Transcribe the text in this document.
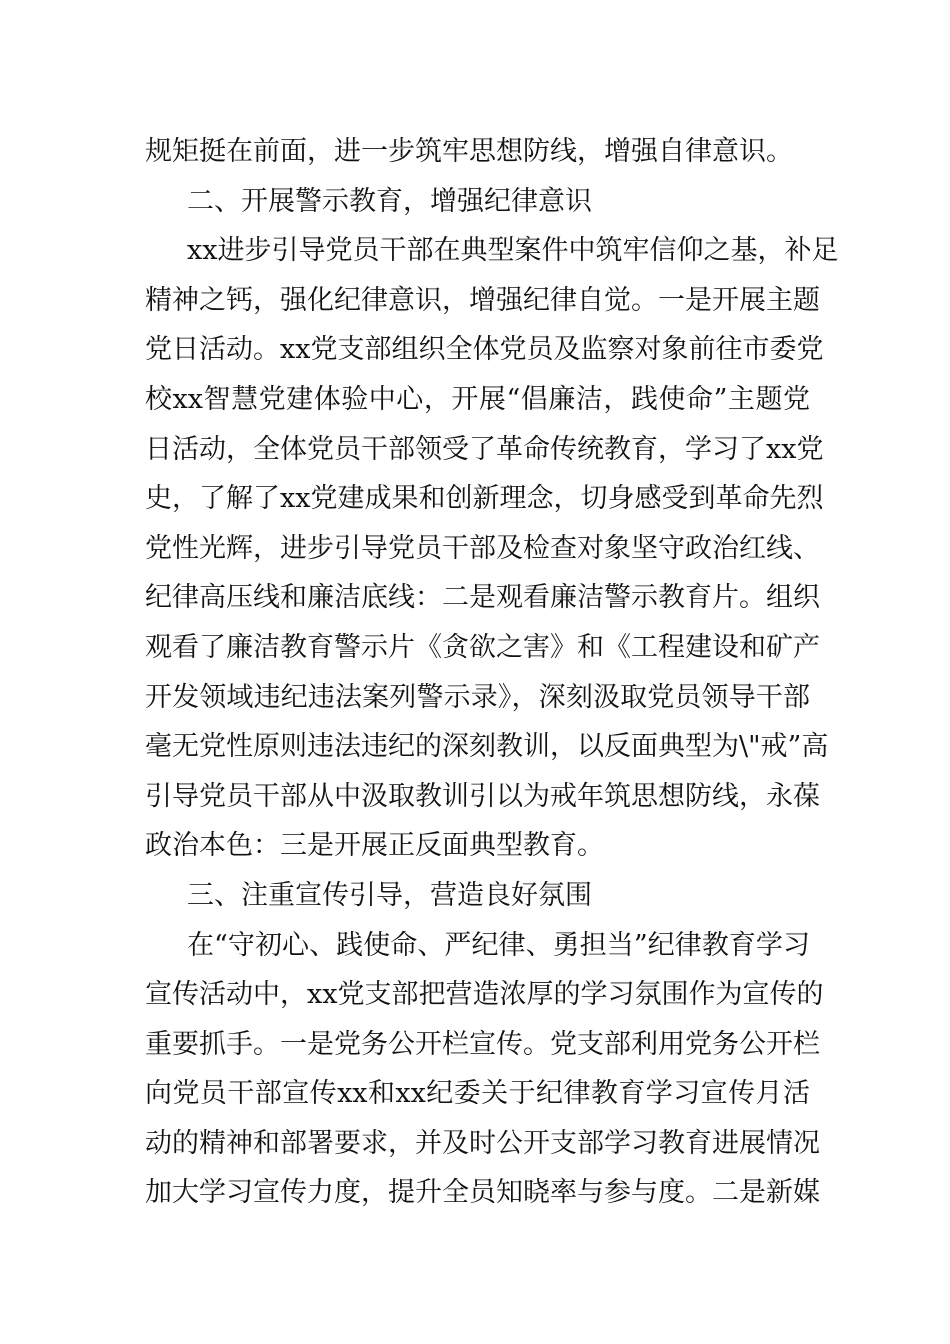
规矩挺在前面，进一步筑牢思想防线，增强自律意识。
二、开展警示教育，增强纪律意识
xx进步引导党员干部在典型案件中筑牢信仰之基，补足
精神之钙，强化纪律意识，增强纪律自觉。一是开展主题
党日活动。xx党支部组织全体党员及监察对象前往市委党
校xx智慧党建体验中心，开展“倡廉洁，践使命”主题党
日活动，全体党员干部领受了革命传统教育，学习了xx党
史，了解了xx党建成果和创新理念，切身感受到革命先烈
党性光辉，进步引导党员干部及检查对象坚守政治红线、
纪律高压线和廉洁底线：二是观看廉洁警示教育片。组织
观看了廉洁教育警示片《贪欲之害》和《工程建设和矿产
开发领域违纪违法案列警示录》，深刻汲取党员领导干部
毫无党性原则违法违纪的深刻教训，以反面典型为\"戒”高
引导党员干部从中汲取教训引以为戒年筑思想防线，永葆
政治本色：三是开展正反面典型教育。
三、注重宣传引导，营造良好氛围
在“守初心、践使命、严纪律、勇担当”纪律教育学习
宣传活动中，xx党支部把营造浓厚的学习氛围作为宣传的
重要抓手。一是党务公开栏宣传。党支部利用党务公开栏
向党员干部宣传xx和xx纪委关于纪律教育学习宣传月活
动的精神和部署要求，并及时公开支部学习教育进展情况
加大学习宣传力度，提升全员知晓率与参与度。二是新媒
